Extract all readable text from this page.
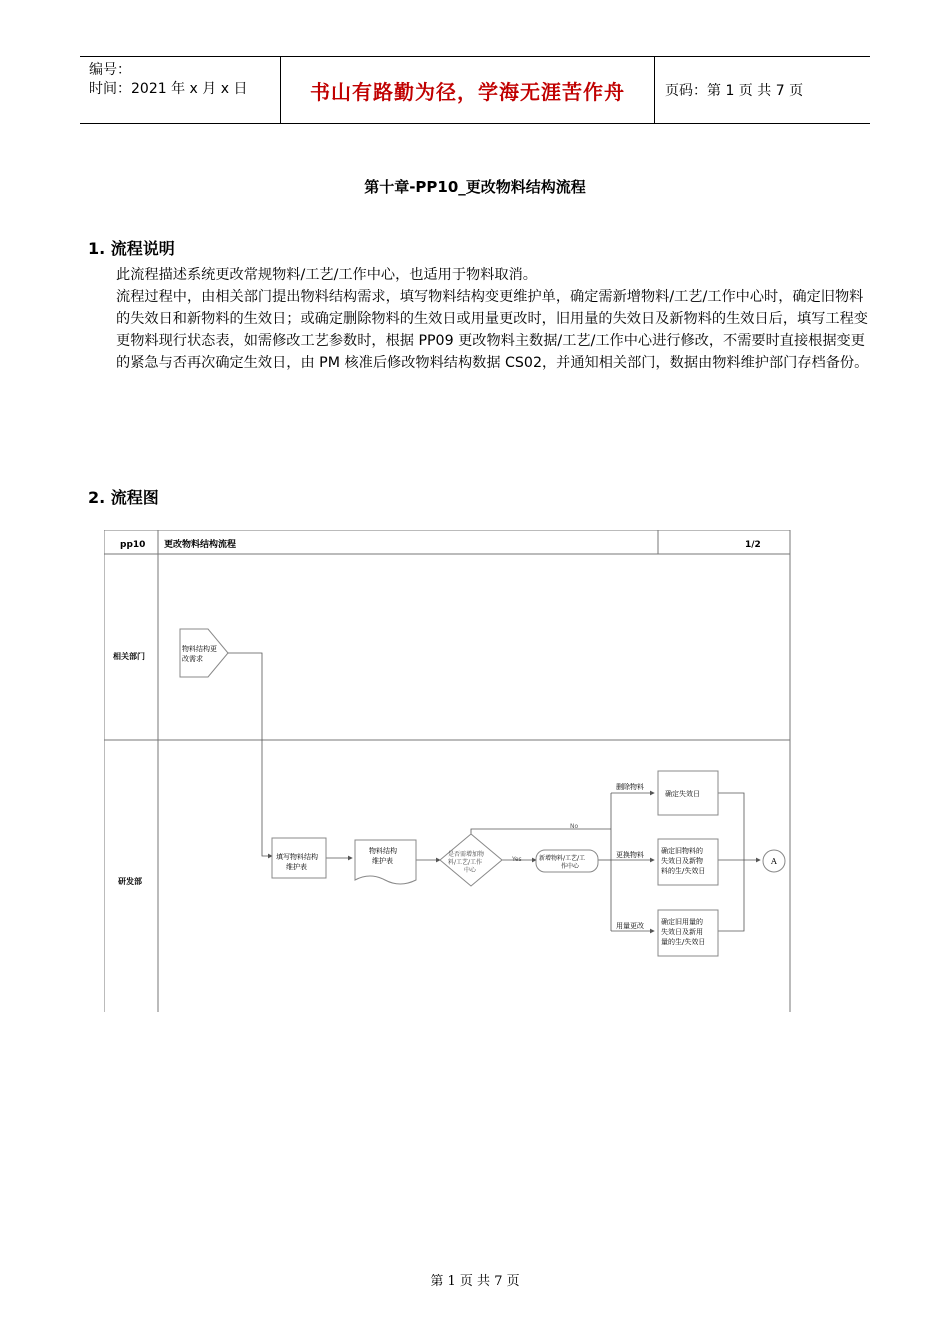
编号：
时间：2021 年 x 月 x 日	书山有路勤为径，学海无涯苦作舟	页码：第 1 页 共 7 页
第十章-PP10_更改物料结构流程
1. 流程说明

此流程描述系统更改常规物料/工艺/工作中心，也适用于物料取消。

流程过程中，由相关部门提出物料结构需求，填写物料结构变更维护单，确定需新增物料/工艺/工作中心时，确定旧物料的失效日和新物料的生效日；或确定删除物料的生效日或用量更改时，旧用量的失效日及新物料的生效日后，填写工程变更物料现行状态表，如需修改工艺参数时，根据 PP09 更改物料主数据/工艺/工作中心进行修改，不需要时直接根据变更的紧急与否再次确定生效日，由 PM 核准后修改物料结构数据 CS02，并通知相关部门，数据由物料维护部门存档备份。

2. 流程图
pp10 更改物料结构流程	1/2
相关部门
研发部
物料结构更
改需求
填写物料结构
维护表
物料结构
维护表
是否需增加物
料/工艺/工作
中心
Yes
No
新增物料/工艺/工
作中心
删除物料
更换物料
用量更改
确定失效日
确定旧物料的
失效日及新物
料的生/失效日
确定旧用量的
失效日及新用
量的生/失效日
A
第 1 页 共 7 页
